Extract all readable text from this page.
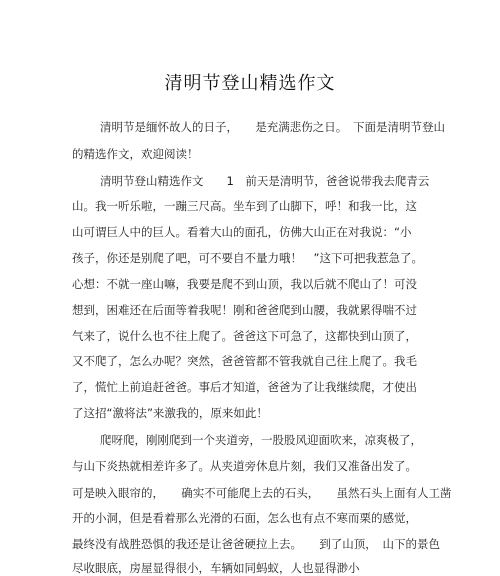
清明节登山精选作文
清明节是缅怀故人的日子，　　是充满悲伤之日。　下面是清明节登山
的精选作文，欢迎阅读！
清明节登山精选作文　　1　前天是清明节，爸爸说带我去爬青云
山。我一听乐啦，一蹦三尺高。坐车到了山脚下，呼！和我一比，这
山可谓巨人中的巨人。看着大山的面孔，仿佛大山正在对我说：“小
孩子，你还是别爬了吧，可不要自不量力哦！　”这下可把我惹急了。
心想：不就一座山嘛，我要是爬不到山顶，我以后就不爬山了！可没
想到，困难还在后面等着我呢！刚和爸爸爬到山腰，我就累得喘不过
气来了，说什么也不往上爬了。爸爸这下可急了，这都快到山顶了，
又不爬了，怎么办呢？突然，爸爸管都不管我就自己往上爬了。我毛
了，慌忙上前追赶爸爸。事后才知道，爸爸为了让我继续爬，才使出
了这招“激将法”来激我的，原来如此！
爬呀爬，刚刚爬到一个夹道旁，一股股风迎面吹来，凉爽极了，
与山下炎热就相差许多了。从夹道旁休息片刻，我们又准备出发了。
可是映入眼帘的，　　确实不可能爬上去的石头，　　虽然石头上面有人工凿
开的小洞，但是看着那么光滑的石面，怎么也有点不寒而栗的感觉，
最终没有战胜恐惧的我还是让爸爸硬拉上去。　　到了山顶，　山下的景色
尽收眼底，房屋显得很小，车辆如同蚂蚁，人也显得渺小
